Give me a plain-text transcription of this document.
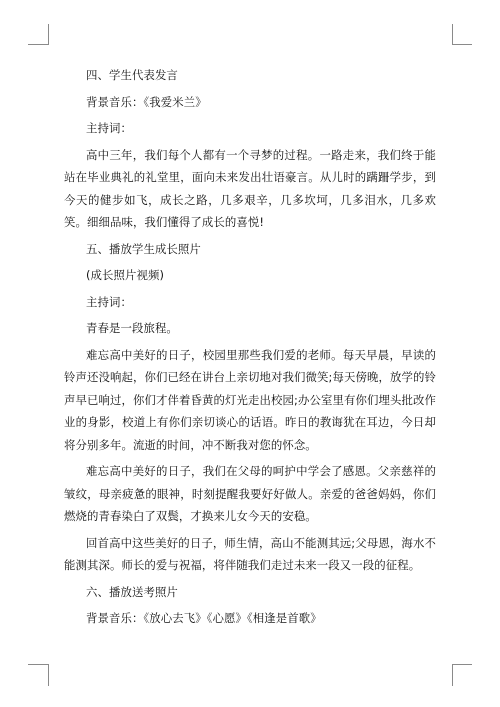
四、学生代表发言

背景音乐：《我爱米兰》

主持词：

高中三年，我们每个人都有一个寻梦的过程。一路走来，我们终于能站在毕业典礼的礼堂里，面向未来发出壮语豪言。从儿时的蹒跚学步，到今天的健步如飞，成长之路，几多艰辛，几多坎坷，几多泪水，几多欢笑。细细品味，我们懂得了成长的喜悦!

五、播放学生成长照片

(成长照片视频)

主持词：

青春是一段旅程。

难忘高中美好的日子，校园里那些我们爱的老师。每天早晨，早读的铃声还没响起，你们已经在讲台上亲切地对我们微笑;每天傍晚，放学的铃声早已响过，你们才伴着昏黄的灯光走出校园;办公室里有你们埋头批改作业的身影，校道上有你们亲切谈心的话语。昨日的教诲犹在耳边，今日却将分别多年。流逝的时间，冲不断我对您的怀念。

难忘高中美好的日子，我们在父母的呵护中学会了感恩。父亲慈祥的皱纹，母亲疲惫的眼神，时刻提醒我要好好做人。亲爱的爸爸妈妈，你们燃烧的青春染白了双鬓，才换来儿女今天的安稳。

回首高中这些美好的日子，师生情，高山不能测其远;父母恩，海水不能测其深。师长的爱与祝福，将伴随我们走过未来一段又一段的征程。

六、播放送考照片

背景音乐：《放心去飞》《心愿》《相逢是首歌》
